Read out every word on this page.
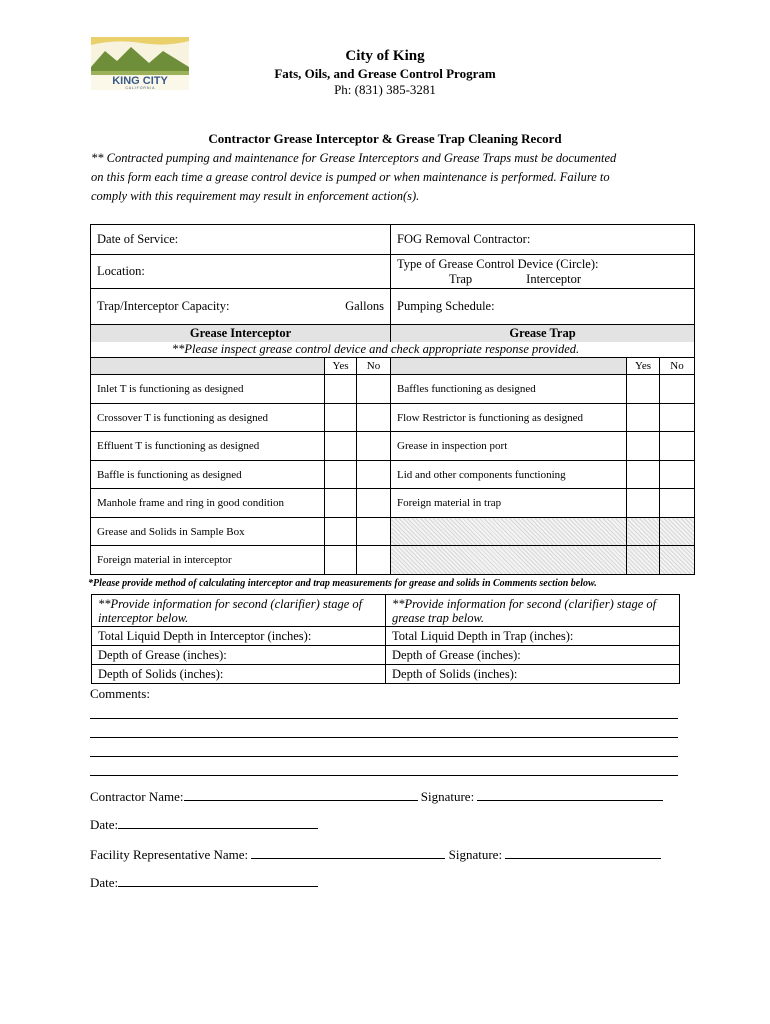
KING CITY
C A L I F O R N I A
City of King
Fats, Oils, and Grease Control Program
Ph: (831) 385-3281
Contractor Grease Interceptor & Grease Trap Cleaning Record
** Contracted pumping and maintenance for Grease Interceptors and Grease Traps must be documented
on this form each time a grease control device is pumped or when maintenance is performed. Failure to
comply with this requirement may result in enforcement action(s).
Date of Service:			FOG Removal Contractor:		
Location:			Type of Grease Control Device (Circle):
Trap Interceptor		

Trap/Interceptor Capacity: Gallons			Pumping Schedule:		
Grease Interceptor			Grease Trap		
**Please inspect grease control device and check appropriate response provided.					
	Yes	No		Yes	No
Inlet T is functioning as designed			Baffles functioning as designed		
Crossover T is functioning as designed			Flow Restrictor is functioning as designed		
Effluent T is functioning as designed			Grease in inspection port		
Baffle is functioning as designed			Lid and other components functioning		
Manhole frame and ring in good condition			Foreign material in trap		
Grease and Solids in Sample Box					
Foreign material in interceptor					
*Please provide method of calculating interceptor and trap measurements for grease and solids in Comments section below.
**Provide information for second (clarifier) stage of interceptor below.	**Provide information for second (clarifier) stage of grease trap below.
Total Liquid Depth in Interceptor (inches):	Total Liquid Depth in Trap (inches):
Depth of Grease (inches):	Depth of Grease (inches):
Depth of Solids (inches):	Depth of Solids (inches):
Comments:
Contractor Name:	Signature:
Date:
Facility Representative Name:	Signature:
Date:
